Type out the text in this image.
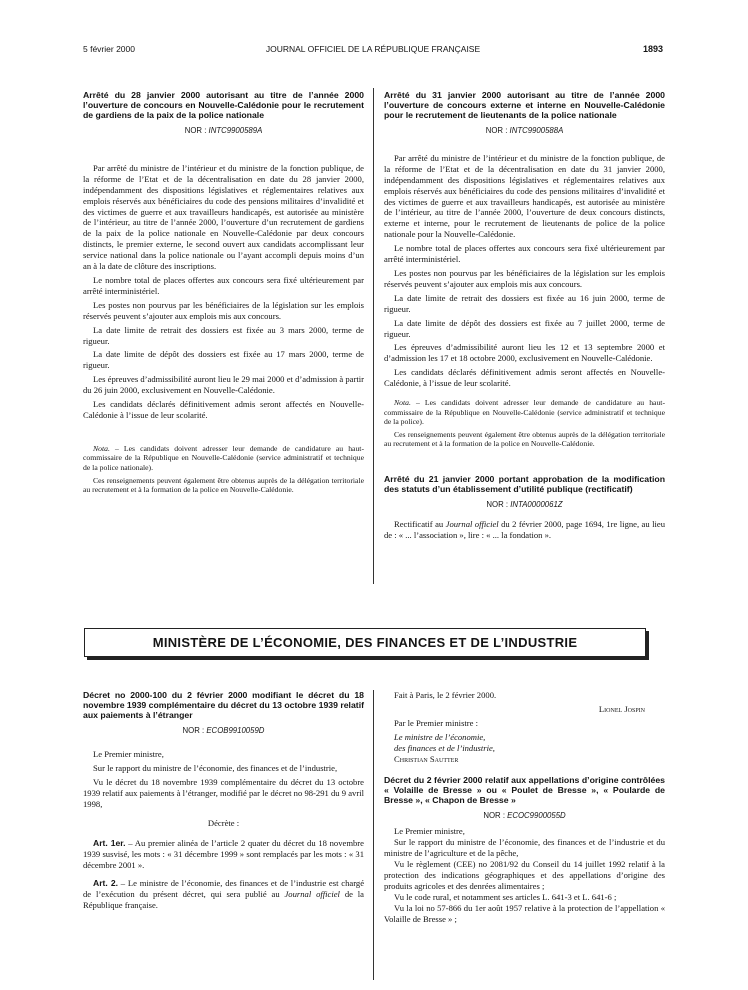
5 février 2000	JOURNAL OFFICIEL DE LA RÉPUBLIQUE FRANÇAISE	1893
Arrêté du 28 janvier 2000 autorisant au titre de l’année 2000 l’ouverture de concours en Nouvelle-Calédonie pour le recrutement de gardiens de la paix de la police nationale
NOR : INTC9900589A

Par arrêté du ministre de l’intérieur et du ministre de la fonction publique, de la réforme de l’Etat et de la décentralisation en date du 28 janvier 2000, indépendamment des dispositions législatives et réglementaires relatives aux emplois réservés aux bénéficiaires du code des pensions militaires d’invalidité et des victimes de guerre et aux travailleurs handicapés, est autorisée au ministère de l’intérieur, au titre de l’année 2000, l’ouverture d’un recrutement de gardiens de la paix de la police nationale en Nouvelle-Calédonie par deux concours distincts, le premier externe, le second ouvert aux candidats accomplissant leur service national dans la police nationale ou l’ayant accompli depuis moins d’un an à la date de clôture des inscriptions.

Le nombre total de places offertes aux concours sera fixé ultérieurement par arrêté interministériel.

Les postes non pourvus par les bénéficiaires de la législation sur les emplois réservés peuvent s’ajouter aux emplois mis aux concours.

La date limite de retrait des dossiers est fixée au 3 mars 2000, terme de rigueur.

La date limite de dépôt des dossiers est fixée au 17 mars 2000, terme de rigueur.

Les épreuves d’admissibilité auront lieu le 29 mai 2000 et d’admission à partir du 26 juin 2000, exclusivement en Nouvelle-Calédonie.

Les candidats déclarés définitivement admis seront affectés en Nouvelle-Calédonie à l’issue de leur scolarité.

Nota. – Les candidats doivent adresser leur demande de candidature au haut-commissaire de la République en Nouvelle-Calédonie (service administratif et technique de la police nationale).

Ces renseignements peuvent également être obtenus auprès de la délégation territoriale au recrutement et à la formation de la police en Nouvelle-Calédonie.

Arrêté du 31 janvier 2000 autorisant au titre de l’année 2000 l’ouverture de concours externe et interne en Nouvelle-Calédonie pour le recrutement de lieutenants de la police nationale
NOR : INTC9900588A

Par arrêté du ministre de l’intérieur et du ministre de la fonction publique, de la réforme de l’Etat et de la décentralisation en date du 31 janvier 2000, indépendamment des dispositions législatives et réglementaires relatives aux emplois réservés aux bénéficiaires du code des pensions militaires d’invalidité et des victimes de guerre et aux travailleurs handicapés, est autorisée au ministère de l’intérieur, au titre de l’année 2000, l’ouverture de deux concours distincts, externe et interne, pour le recrutement de lieutenants de police de la police nationale pour la Nouvelle-Calédonie.

Le nombre total de places offertes aux concours sera fixé ultérieurement par arrêté interministériel.

Les postes non pourvus par les bénéficiaires de la législation sur les emplois réservés peuvent s’ajouter aux emplois mis aux concours.

La date limite de retrait des dossiers est fixée au 16 juin 2000, terme de rigueur.

La date limite de dépôt des dossiers est fixée au 7 juillet 2000, terme de rigueur.

Les épreuves d’admissibilité auront lieu les 12 et 13 septembre 2000 et d’admission les 17 et 18 octobre 2000, exclusivement en Nouvelle-Calédonie.

Les candidats déclarés définitivement admis seront affectés en Nouvelle-Calédonie, à l’issue de leur scolarité.

Nota. – Les candidats doivent adresser leur demande de candidature au haut-commissaire de la République en Nouvelle-Calédonie (service administratif et technique de la police).

Ces renseignements peuvent également être obtenus auprès de la délégation territoriale au recrutement et à la formation de la police en Nouvelle-Calédonie.

Arrêté du 21 janvier 2000 portant approbation de la modification des statuts d’un établissement d’utilité publique (rectificatif)
NOR : INTA0000061Z

Rectificatif au Journal officiel du 2 février 2000, page 1694, 1re ligne, au lieu de : « ... l’association », lire : « ... la fondation ».

MINISTÈRE DE L’ÉCONOMIE, DES FINANCES ET DE L’INDUSTRIE
Décret no 2000-100 du 2 février 2000 modifiant le décret du 18 novembre 1939 complémentaire du décret du 13 octobre 1939 relatif aux paiements à l’étranger
NOR : ECOB9910059D

Le Premier ministre,

Sur le rapport du ministre de l’économie, des finances et de l’industrie,

Vu le décret du 18 novembre 1939 complémentaire du décret du 13 octobre 1939 relatif aux paiements à l’étranger, modifié par le décret no 98-291 du 9 avril 1998,

Décrète :

Art. 1er. – Au premier alinéa de l’article 2 quater du décret du 18 novembre 1939 susvisé, les mots : « 31 décembre 1999 » sont remplacés par les mots : « 31 décembre 2001 ».

Art. 2. – Le ministre de l’économie, des finances et de l’industrie est chargé de l’exécution du présent décret, qui sera publié au Journal officiel de la République française.

Fait à Paris, le 2 février 2000.

Lionel Jospin

Par le Premier ministre :

Le ministre de l’économie,

des finances et de l’industrie,

Christian Sautter

Décret du 2 février 2000 relatif aux appellations d’origine contrôlées « Volaille de Bresse » ou « Poulet de Bresse », « Poularde de Bresse », « Chapon de Bresse »
NOR : ECOC9900055D

Le Premier ministre,

Sur le rapport du ministre de l’économie, des finances et de l’industrie et du ministre de l’agriculture et de la pêche,

Vu le règlement (CEE) no 2081/92 du Conseil du 14 juillet 1992 relatif à la protection des indications géographiques et des appellations d’origine des produits agricoles et des denrées alimentaires ;

Vu le code rural, et notamment ses articles L. 641-3 et L. 641-6 ;

Vu la loi no 57-866 du 1er août 1957 relative à la protection de l’appellation « Volaille de Bresse » ;
